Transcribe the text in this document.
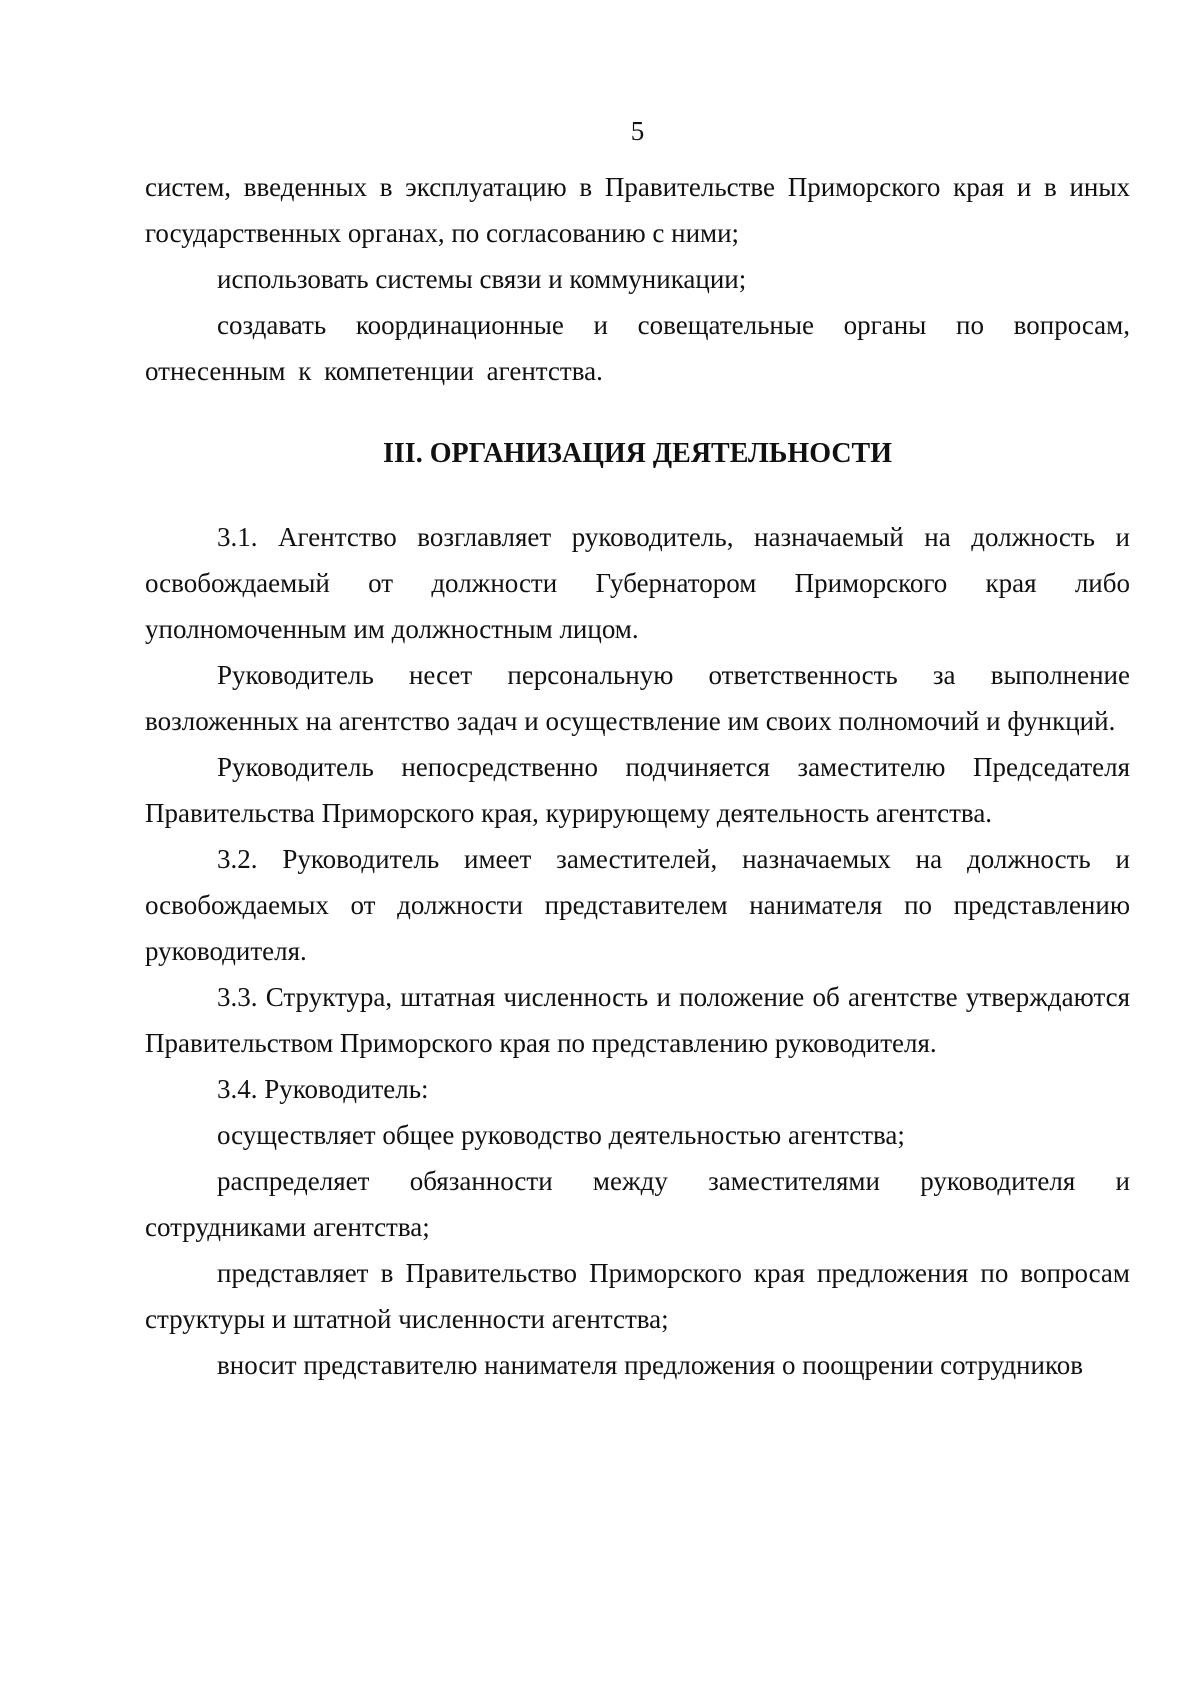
5

систем, введенных в эксплуатацию в Правительстве Приморского края и в иных государственных органах, по согласованию с ними;

использовать системы связи и коммуникации;

создавать координационные и совещательные органы по вопросам, отнесенным к компетенции агентства.

III. ОРГАНИЗАЦИЯ ДЕЯТЕЛЬНОСТИ

3.1. Агентство возглавляет руководитель, назначаемый на должность и освобождаемый от должности Губернатором Приморского края либо уполномоченным им должностным лицом.

Руководитель несет персональную ответственность за выполнение возложенных на агентство задач и осуществление им своих полномочий и функций.

Руководитель непосредственно подчиняется заместителю Председателя Правительства Приморского края, курирующему деятельность агентства.

3.2. Руководитель имеет заместителей, назначаемых на должность и освобождаемых от должности представителем нанимателя по представлению руководителя.

3.3. Структура, штатная численность и положение об агентстве утверждаются Правительством Приморского края по представлению руководителя.

3.4. Руководитель:

осуществляет общее руководство деятельностью агентства;

распределяет обязанности между заместителями руководителя и сотрудниками агентства;

представляет в Правительство Приморского края предложения по вопросам структуры и штатной численности агентства;

вносит представителю нанимателя предложения о поощрении сотрудников
